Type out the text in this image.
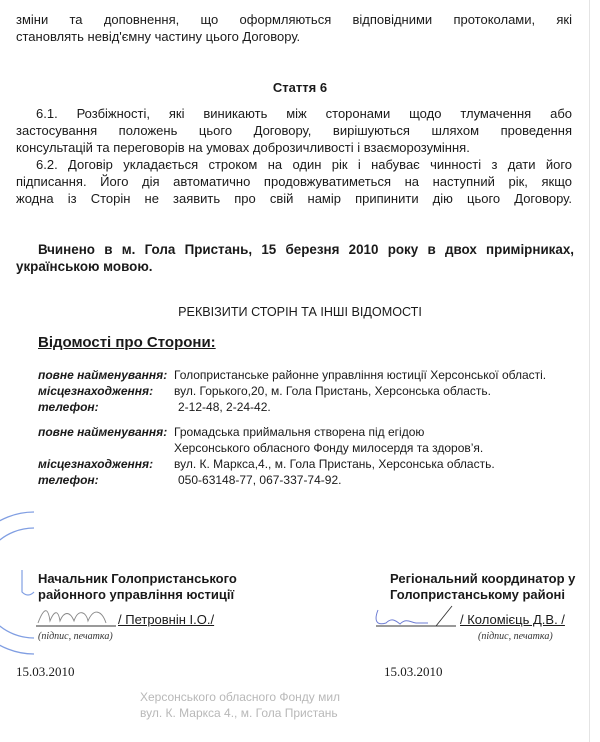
зміни та доповнення, що оформляються відповідними протоколами, які
становлять невід'ємну частину цього Договору.
Стаття 6
6.1. Розбіжності, які виникають між сторонами щодо тлумачення або
застосування положень цього Договору, вирішуються шляхом проведення
консультацій та переговорів на умовах доброзичливості і взаєморозуміння.
6.2. Договір укладається строком на один рік і набуває чинності з дати його
підписання. Його дія автоматично продовжуватиметься на наступний рік, якщо
жодна із Сторін не заявить про свій намір припинити дію цього Договору.
Вчинено в м. Гола Пристань, 15 березня 2010 року в двох примірниках,
українською мовою.
РЕКВІЗИТИ СТОРІН ТА ІНШІ ВІДОМОСТІ
Відомості про Сторони:
повне найменування: Голопристанське районне управління юстиції Херсонської області.
місцезнаходження: вул. Горького,20, м. Гола Пристань, Херсонська область.
телефон:	2-12-48, 2-24-42.
повне найменування: Громадська приймальня створена під егідою
Херсонського обласного Фонду милосердя та здоров’я.
місцезнаходження: вул. К. Маркса,4., м. Гола Пристань, Херсонська область.
телефон:	050-63148-77, 067-337-74-92.
Начальник Голопристанського
районного управління юстиції
/ Петровнін І.О./
(підпис, печатка)
15.03.2010
Регіональний координатор у
Голопристанському районі
/ Коломієць Д.В. /
(підпис, печатка)
15.03.2010
Херсонського обласного Фонду мил
вул. К. Маркса 4., м. Гола Пристань
